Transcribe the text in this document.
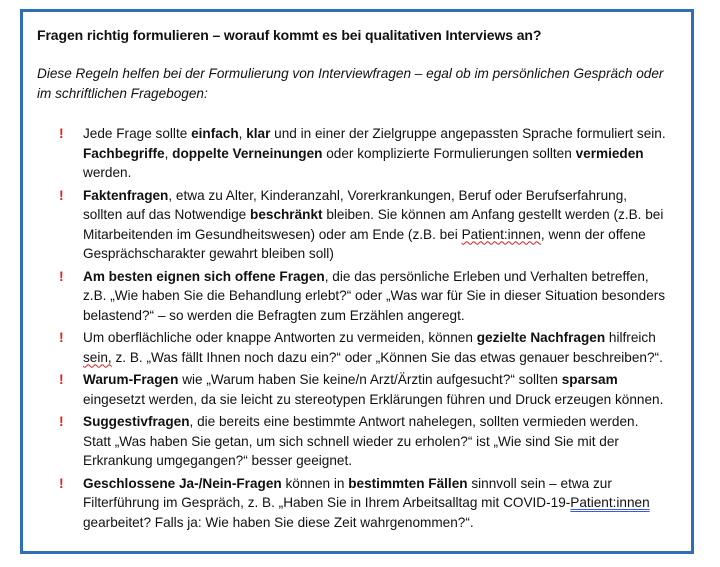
Fragen richtig formulieren – worauf kommt es bei qualitativen Interviews an?
Diese Regeln helfen bei der Formulierung von Interviewfragen – egal ob im persönlichen Gespräch oder im schriftlichen Fragebogen:
! Jede Frage sollte einfach, klar und in einer der Zielgruppe angepassten Sprache formuliert sein. Fachbegriffe, doppelte Verneinungen oder komplizierte Formulierungen sollten vermieden werden.
! Faktenfragen, etwa zu Alter, Kinderanzahl, Vorerkrankungen, Beruf oder Berufserfahrung, sollten auf das Notwendige beschränkt bleiben. Sie können am Anfang gestellt werden (z.B. bei Mitarbeitenden im Gesundheitswesen) oder am Ende (z.B. bei Patient:innen, wenn der offene Gesprächscharakter gewahrt bleiben soll)
! Am besten eignen sich offene Fragen, die das persönliche Erleben und Verhalten betreffen, z.B. „Wie haben Sie die Behandlung erlebt?“ oder „Was war für Sie in dieser Situation besonders belastend?“ – so werden die Befragten zum Erzählen angeregt.
! Um oberflächliche oder knappe Antworten zu vermeiden, können gezielte Nachfragen hilfreich sein, z. B. „Was fällt Ihnen noch dazu ein?“ oder „Können Sie das etwas genauer beschreiben?“.
! Warum-Fragen wie „Warum haben Sie keine/n Arzt/Ärztin aufgesucht?“ sollten sparsam eingesetzt werden, da sie leicht zu stereotypen Erklärungen führen und Druck erzeugen können.
! Suggestivfragen, die bereits eine bestimmte Antwort nahelegen, sollten vermieden werden. Statt „Was haben Sie getan, um sich schnell wieder zu erholen?“ ist „Wie sind Sie mit der Erkrankung umgegangen?“ besser geeignet.
! Geschlossene Ja-/Nein-Fragen können in bestimmten Fällen sinnvoll sein – etwa zur Filterführung im Gespräch, z. B. „Haben Sie in Ihrem Arbeitsalltag mit COVID-19-Patient:innen gearbeitet? Falls ja: Wie haben Sie diese Zeit wahrgenommen?“.
